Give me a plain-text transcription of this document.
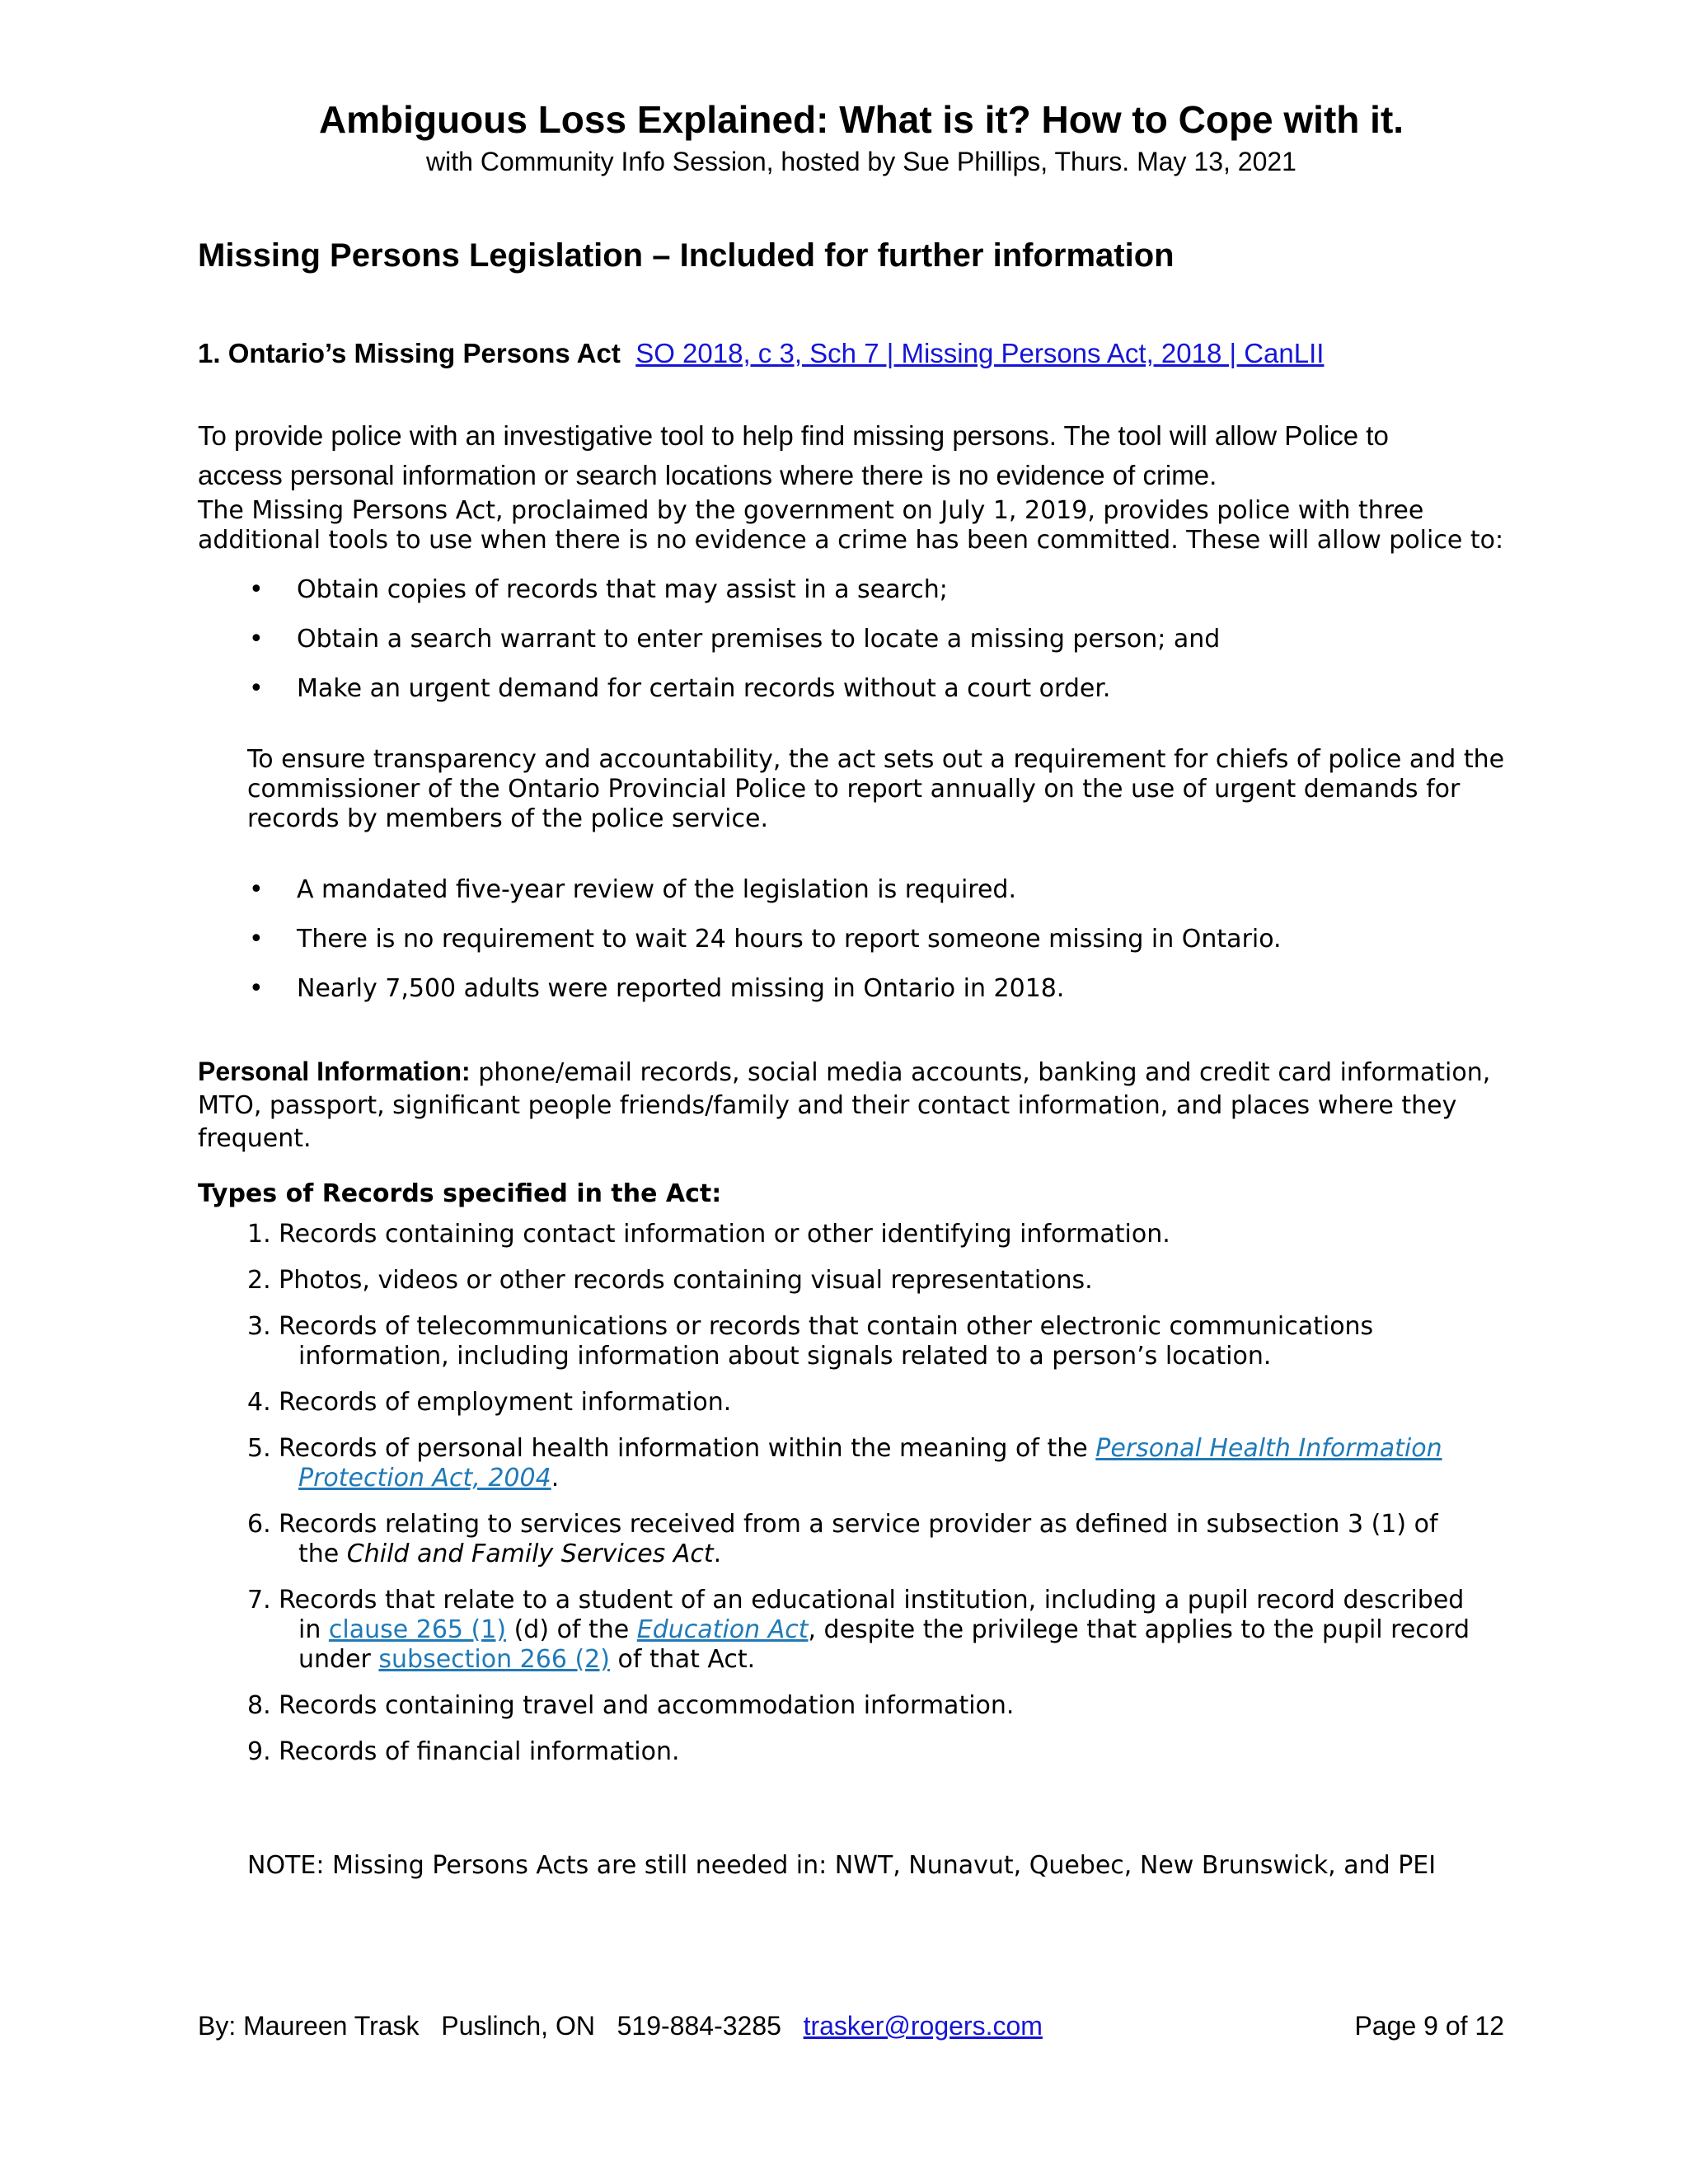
Ambiguous Loss Explained: What is it? How to Cope with it.
with Community Info Session, hosted by Sue Phillips, Thurs. May 13, 2021
Missing Persons Legislation – Included for further information
1. Ontario’s Missing Persons Act SO 2018, c 3, Sch 7 | Missing Persons Act, 2018 | CanLII
To provide police with an investigative tool to help find missing persons. The tool will allow Police to
access personal information or search locations where there is no evidence of crime.
The Missing Persons Act, proclaimed by the government on July 1, 2019, provides police with three additional tools to use when there is no evidence a crime has been committed. These will allow police to:
• Obtain copies of records that may assist in a search;
• Obtain a search warrant to enter premises to locate a missing person; and
• Make an urgent demand for certain records without a court order.
To ensure transparency and accountability, the act sets out a requirement for chiefs of police and the commissioner of the Ontario Provincial Police to report annually on the use of urgent demands for records by members of the police service.
• A mandated five-year review of the legislation is required.
• There is no requirement to wait 24 hours to report someone missing in Ontario.
• Nearly 7,500 adults were reported missing in Ontario in 2018.
Personal Information: phone/email records, social media accounts, banking and credit card information, MTO, passport, significant people friends/family and their contact information, and places where they frequent.
Types of Records specified in the Act:
1. Records containing contact information or other identifying information.
2. Photos, videos or other records containing visual representations.
3. Records of telecommunications or records that contain other electronic communications
information, including information about signals related to a person’s location.
4. Records of employment information.
5. Records of personal health information within the meaning of the Personal Health Information
Protection Act, 2004.
6. Records relating to services received from a service provider as defined in subsection 3 (1) of
the Child and Family Services Act.
7. Records that relate to a student of an educational institution, including a pupil record described
in clause 265 (1) (d) of the Education Act, despite the privilege that applies to the pupil record
under subsection 266 (2) of that Act.
8. Records containing travel and accommodation information.
9. Records of financial information.
NOTE: Missing Persons Acts are still needed in: NWT, Nunavut, Quebec, New Brunswick, and PEI
By: Maureen Trask   Puslinch, ON   519-884-3285   trasker@rogers.com	Page 9 of 12
